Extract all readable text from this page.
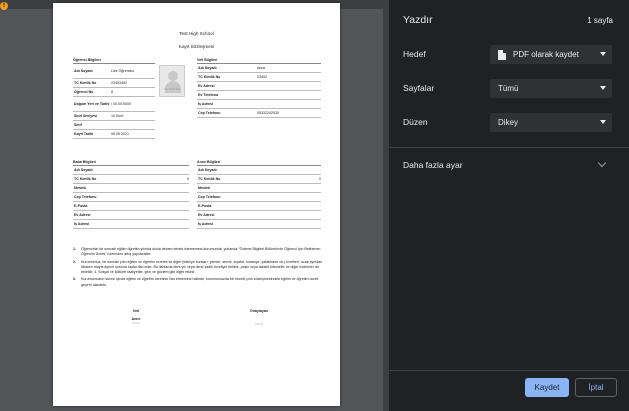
!
Test High School
Kayıt Sözleşmesi
Öğrenci Bilgileri
Adı Soyadı	Lise Öğrencisi
TC Kimlik No	23453452
Öğrenci No	8
Doğum Yeri ve Tarihi / 00.00.0000
Sınıf Seviyesi	10.Sınıf
Sınıf
Kayıt Tarihi	06.05.2021
NO PICTURE
Veli Bilgileri
Adı Soyadı	Anne
TC Kimlik No	23452
Ev Adresi
Ev Telefonu
İş Adresi
Cep Telefonu	05332242530
Baba Bilgileri
Adı Soyadı
TC Kimlik No	0
Meslek
Cep Telefonu
E-Posta
Ev Adresi
İş Adresi
Anne Bilgileri
Adı Soyadı
TC Kimlik No	0
Meslek
Cep Telefonu
E-Posta
Ev Adresi
İş Adresi
1.	Öğrencinin bir sonraki eğitim öğretim yılında okula devam etmek istememesi durumunda, yukarıda "Ödeme Bilgileri Bölümünde Öğrenci İçin Belirlenen Öğrenim Ücreti" üzerinden artış yapılacaktır.
2.	Kurumumuz, bir sonraki yılın eğitim ve öğretim ücretini ve diğer (katılıye kursları, yemek, servis, kıyafet, kırtasiye, yatakhane vb.) ücretleri, ocak ayından itibaren mayıs ayının sonuna kadar ilan eder. Bu ilanlarda ders yılı veya dersi saatli ücretiyle birlikte, peşin veya taksitli ödemeler ve diğer indirimler de belirtilir. 4. Sosyal ve kültürel faaliyetler, gezi ve gözlem gibi diğer etkinli
3.	Kurumumuzun süresi içinde eğitim ve öğretim ücretinin ilan etmemesi halinde, kurumumuzda bir önceki yılın sözleşmesindeki eğitim ve öğretim ücreti geçerli olacaktır.
Veli
Anne
İmza
Onaylayan
İmza
Yazdır	1 sayfa
Hedef	PDF olarak kaydet
Sayfalar	Tümü
Düzen	Dikey
Daha fazla ayar
Kaydet	İptal
